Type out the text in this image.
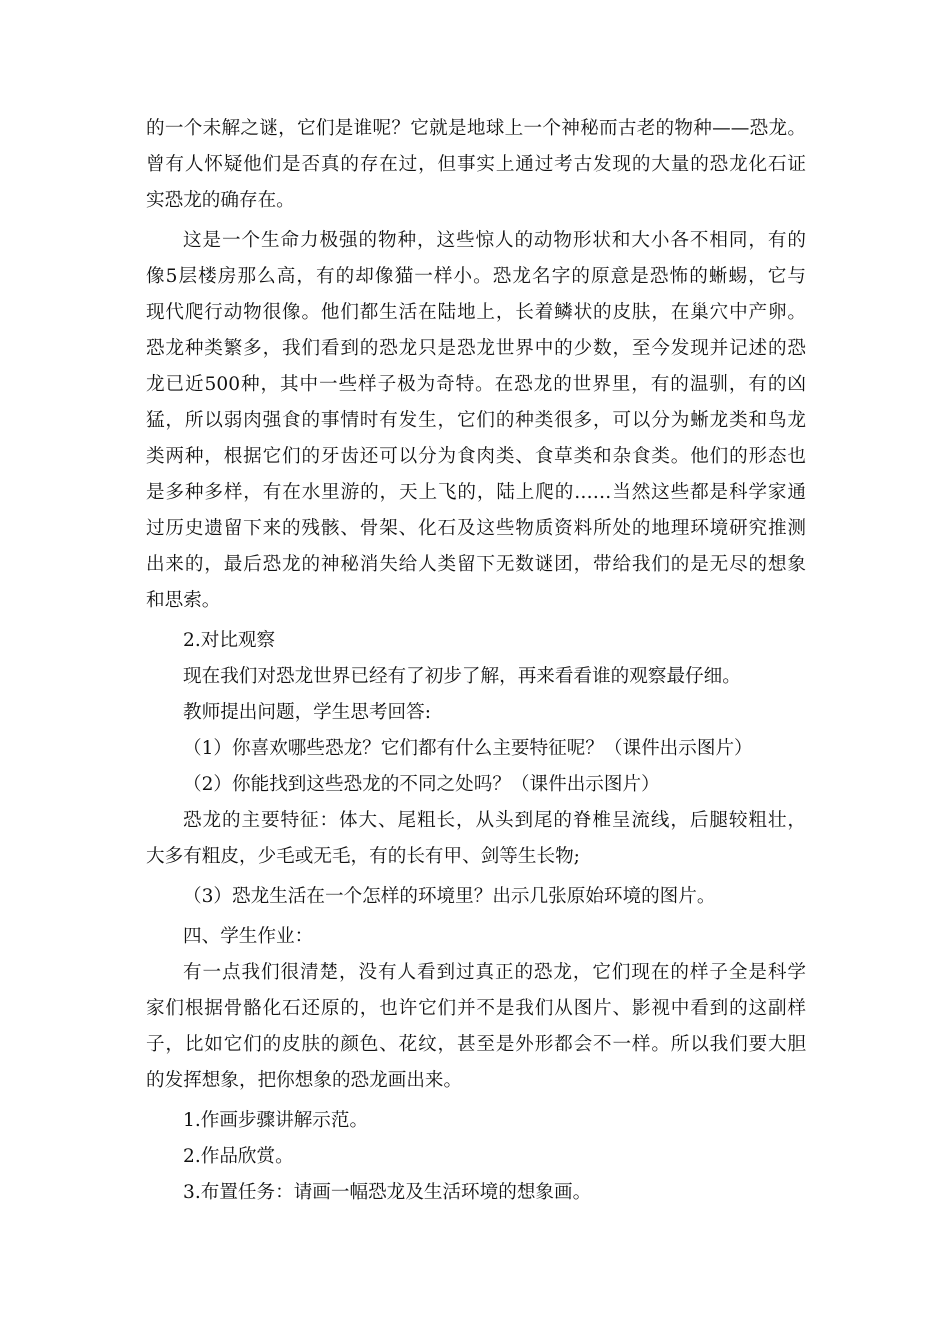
的一个未解之谜，它们是谁呢？它就是地球上一个神秘而古老的物种——恐龙。
曾有人怀疑他们是否真的存在过，但事实上通过考古发现的大量的恐龙化石证
实恐龙的确存在。
这是一个生命力极强的物种，这些惊人的动物形状和大小各不相同，有的
像5层楼房那么高，有的却像猫一样小。恐龙名字的原意是恐怖的蜥蜴，它与
现代爬行动物很像。他们都生活在陆地上，长着鳞状的皮肤，在巢穴中产卵。
恐龙种类繁多，我们看到的恐龙只是恐龙世界中的少数，至今发现并记述的恐
龙已近500种，其中一些样子极为奇特。在恐龙的世界里，有的温驯，有的凶
猛，所以弱肉强食的事情时有发生，它们的种类很多，可以分为蜥龙类和鸟龙
类两种，根据它们的牙齿还可以分为食肉类、食草类和杂食类。他们的形态也
是多种多样，有在水里游的，天上飞的，陆上爬的……当然这些都是科学家通
过历史遗留下来的残骸、骨架、化石及这些物质资料所处的地理环境研究推测
出来的，最后恐龙的神秘消失给人类留下无数谜团，带给我们的是无尽的想象
和思索。
2.对比观察
现在我们对恐龙世界已经有了初步了解，再来看看谁的观察最仔细。
教师提出问题，学生思考回答:
（1）你喜欢哪些恐龙？它们都有什么主要特征呢？（课件出示图片）
（2）你能找到这些恐龙的不同之处吗？（课件出示图片）
恐龙的主要特征：体大、尾粗长，从头到尾的脊椎呈流线，后腿较粗壮，
大多有粗皮，少毛或无毛，有的长有甲、剑等生长物;
（3）恐龙生活在一个怎样的环境里？出示几张原始环境的图片。
四、学生作业：
有一点我们很清楚，没有人看到过真正的恐龙，它们现在的样子全是科学
家们根据骨骼化石还原的，也许它们并不是我们从图片、影视中看到的这副样
子，比如它们的皮肤的颜色、花纹，甚至是外形都会不一样。所以我们要大胆
的发挥想象，把你想象的恐龙画出来。
1.作画步骤讲解示范。
2.作品欣赏。
3.布置任务：请画一幅恐龙及生活环境的想象画。
